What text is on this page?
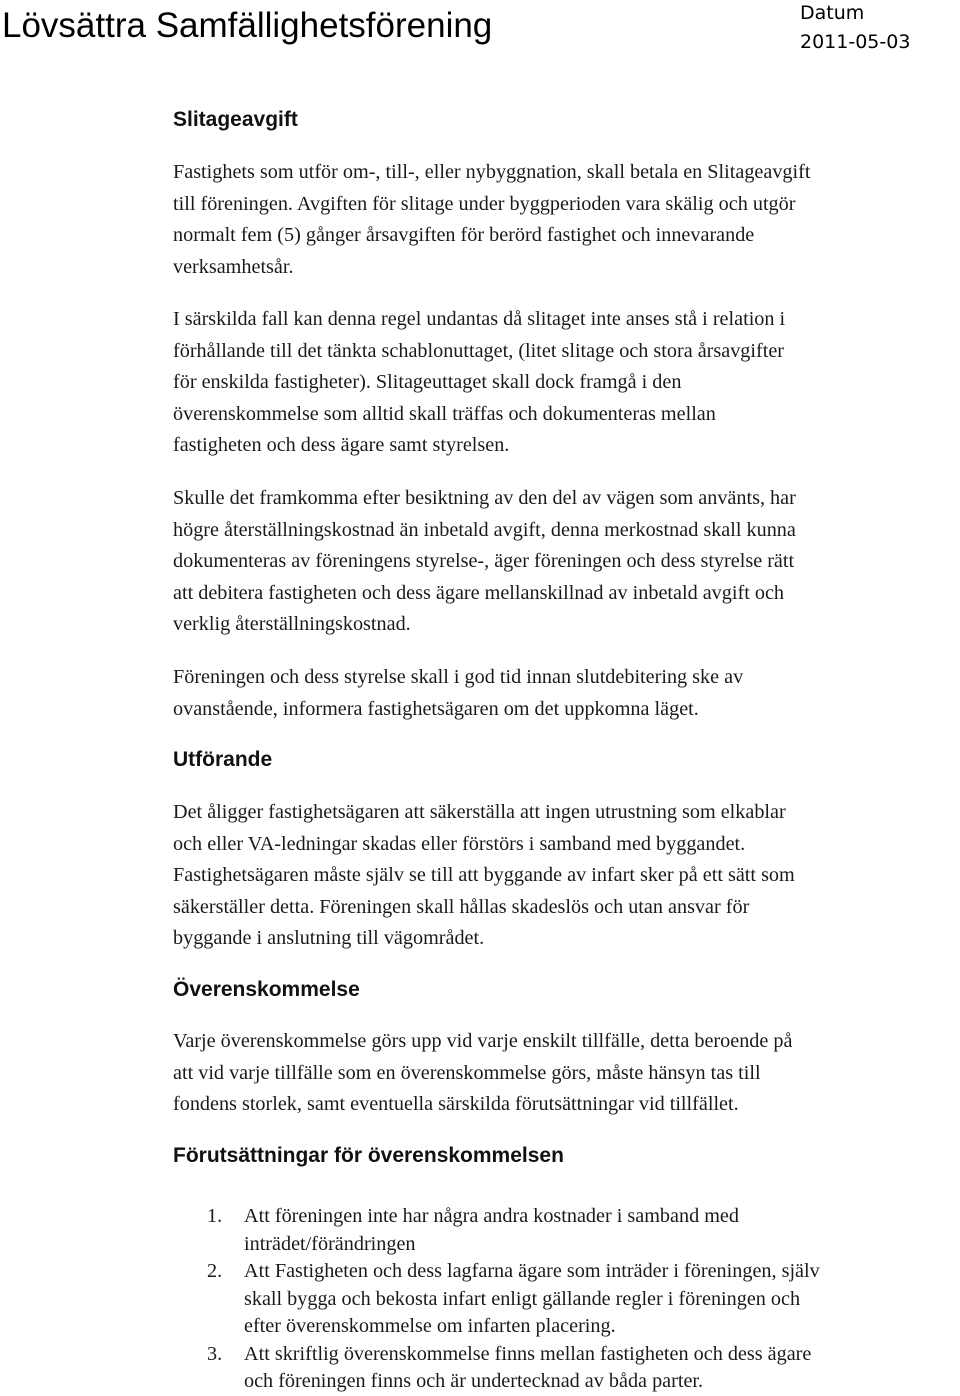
Lövsättra Samfällighetsförening	Datum
2011-05-03
Slitageavgift

Fastighets som utför om-, till-, eller nybyggnation, skall betala en Slitageavgift
till föreningen. Avgiften för slitage under byggperioden vara skälig och utgör
normalt fem (5) gånger årsavgiften för berörd fastighet och innevarande
verksamhetsår.

I särskilda fall kan denna regel undantas då slitaget inte anses stå i relation i
förhållande till det tänkta schablonuttaget, (litet slitage och stora årsavgifter
för enskilda fastigheter). Slitageuttaget skall dock framgå i den
överenskommelse som alltid skall träffas och dokumenteras mellan
fastigheten och dess ägare samt styrelsen.

Skulle det framkomma efter besiktning av den del av vägen som använts, har
högre återställningskostnad än inbetald avgift, denna merkostnad skall kunna
dokumenteras av föreningens styrelse-, äger föreningen och dess styrelse rätt
att debitera fastigheten och dess ägare mellanskillnad av inbetald avgift och
verklig återställningskostnad.

Föreningen och dess styrelse skall i god tid innan slutdebitering ske av
ovanstående, informera fastighetsägaren om det uppkomna läget.

Utförande

Det åligger fastighetsägaren att säkerställa att ingen utrustning som elkablar
och eller VA-ledningar skadas eller förstörs i samband med byggandet.
Fastighetsägaren måste själv se till att byggande av infart sker på ett sätt som
säkerställer detta. Föreningen skall hållas skadeslös och utan ansvar för
byggande i anslutning till vägområdet.

Överenskommelse

Varje överenskommelse görs upp vid varje enskilt tillfälle, detta beroende på
att vid varje tillfälle som en överenskommelse görs, måste hänsyn tas till
fondens storlek, samt eventuella särskilda förutsättningar vid tillfället.

Förutsättningar för överenskommelsen
1. Att föreningen inte har några andra kostnader i samband med
inträdet/förändringen
2. Att Fastigheten och dess lagfarna ägare som inträder i föreningen, själv
skall bygga och bekosta infart enligt gällande regler i föreningen och
efter överenskommelse om infarten placering.
3. Att skriftlig överenskommelse finns mellan fastigheten och dess ägare
och föreningen finns och är undertecknad av båda parter.
